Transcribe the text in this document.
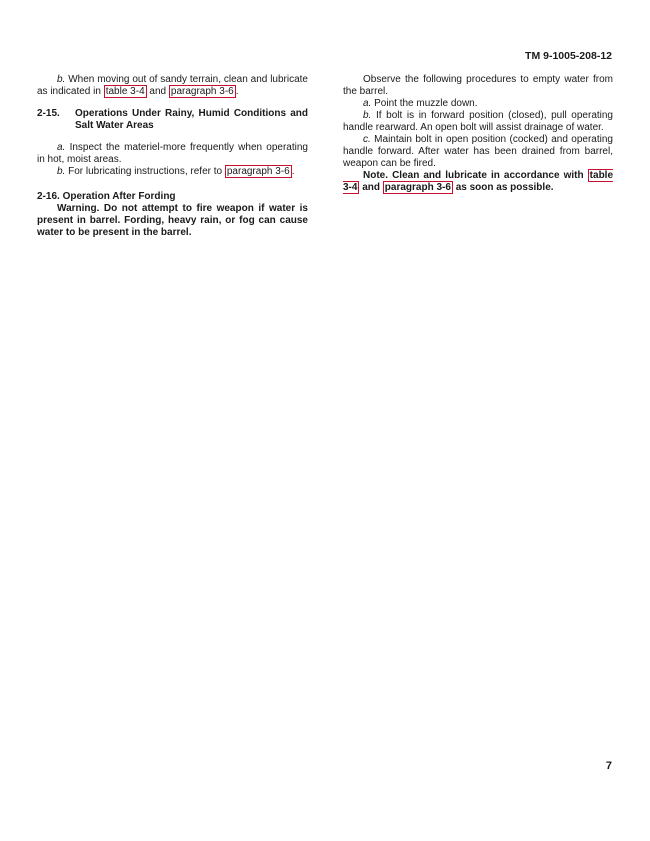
TM 9-1005-208-12

b. When moving out of sandy terrain, clean and lubricate as indicated in table 3-4 and paragraph 3-6 .

2-15.	Operations Under Rainy, Humid Conditions and Salt Water Areas

a. Inspect the materiel-more frequently when operating in hot, moist areas.

b. For lubricating instructions, refer to paragraph 3-6 .

2-16. Operation After Fording

Warning. Do not attempt to fire weapon if water is present in barrel. Fording, heavy rain, or fog can cause water to be present in the barrel.

Observe the following procedures to empty water from the barrel.

a. Point the muzzle down.

b. If bolt is in forward position (closed), pull operating handle rearward. An open bolt will assist drainage of water.

c. Maintain bolt in open position (cocked) and operating handle forward. After water has been drained from barrel, weapon can be fired.

Note. Clean and lubricate in accordance with table 3-4 and paragraph 3-6 as soon as possible.

7
